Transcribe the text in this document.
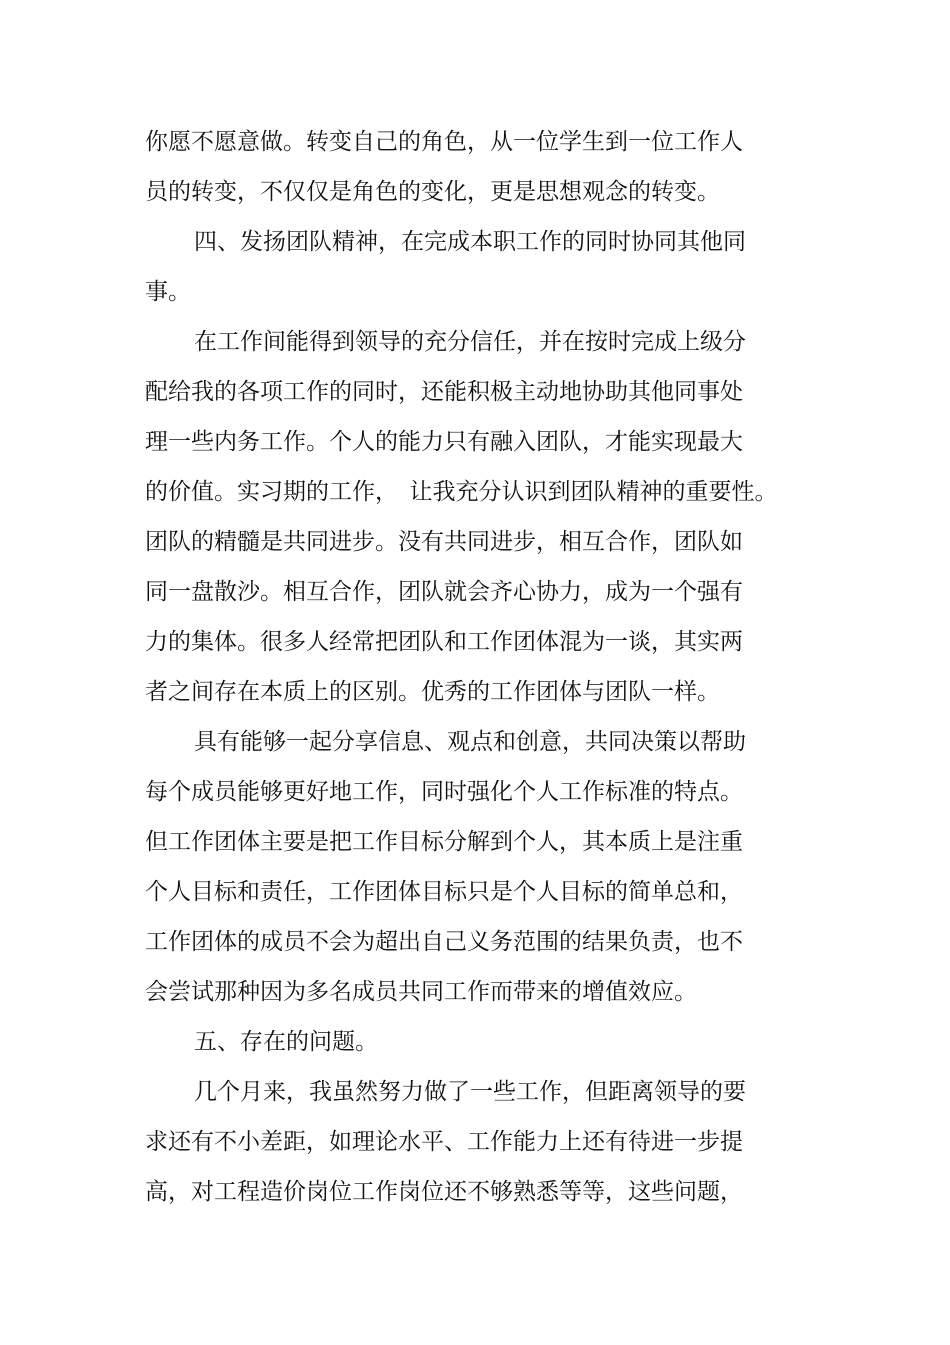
你愿不愿意做。转变自己的角色，从一位学生到一位工作人
员的转变，不仅仅是角色的变化，更是思想观念的转变。
四、发扬团队精神，在完成本职工作的同时协同其他同
事。
在工作间能得到领导的充分信任，并在按时完成上级分
配给我的各项工作的同时，还能积极主动地协助其他同事处
理一些内务工作。个人的能力只有融入团队，才能实现最大
的价值。实习期的工作，　让我充分认识到团队精神的重要性。
团队的精髓是共同进步。没有共同进步，相互合作，团队如
同一盘散沙。相互合作，团队就会齐心协力，成为一个强有
力的集体。很多人经常把团队和工作团体混为一谈，其实两
者之间存在本质上的区别。优秀的工作团体与团队一样。
具有能够一起分享信息、观点和创意，共同决策以帮助
每个成员能够更好地工作，同时强化个人工作标准的特点。
但工作团体主要是把工作目标分解到个人，其本质上是注重
个人目标和责任，工作团体目标只是个人目标的简单总和，
工作团体的成员不会为超出自己义务范围的结果负责，也不
会尝试那种因为多名成员共同工作而带来的增值效应。
五、存在的问题。
几个月来，我虽然努力做了一些工作，但距离领导的要
求还有不小差距，如理论水平、工作能力上还有待进一步提
高，对工程造价岗位工作岗位还不够熟悉等等，这些问题，
